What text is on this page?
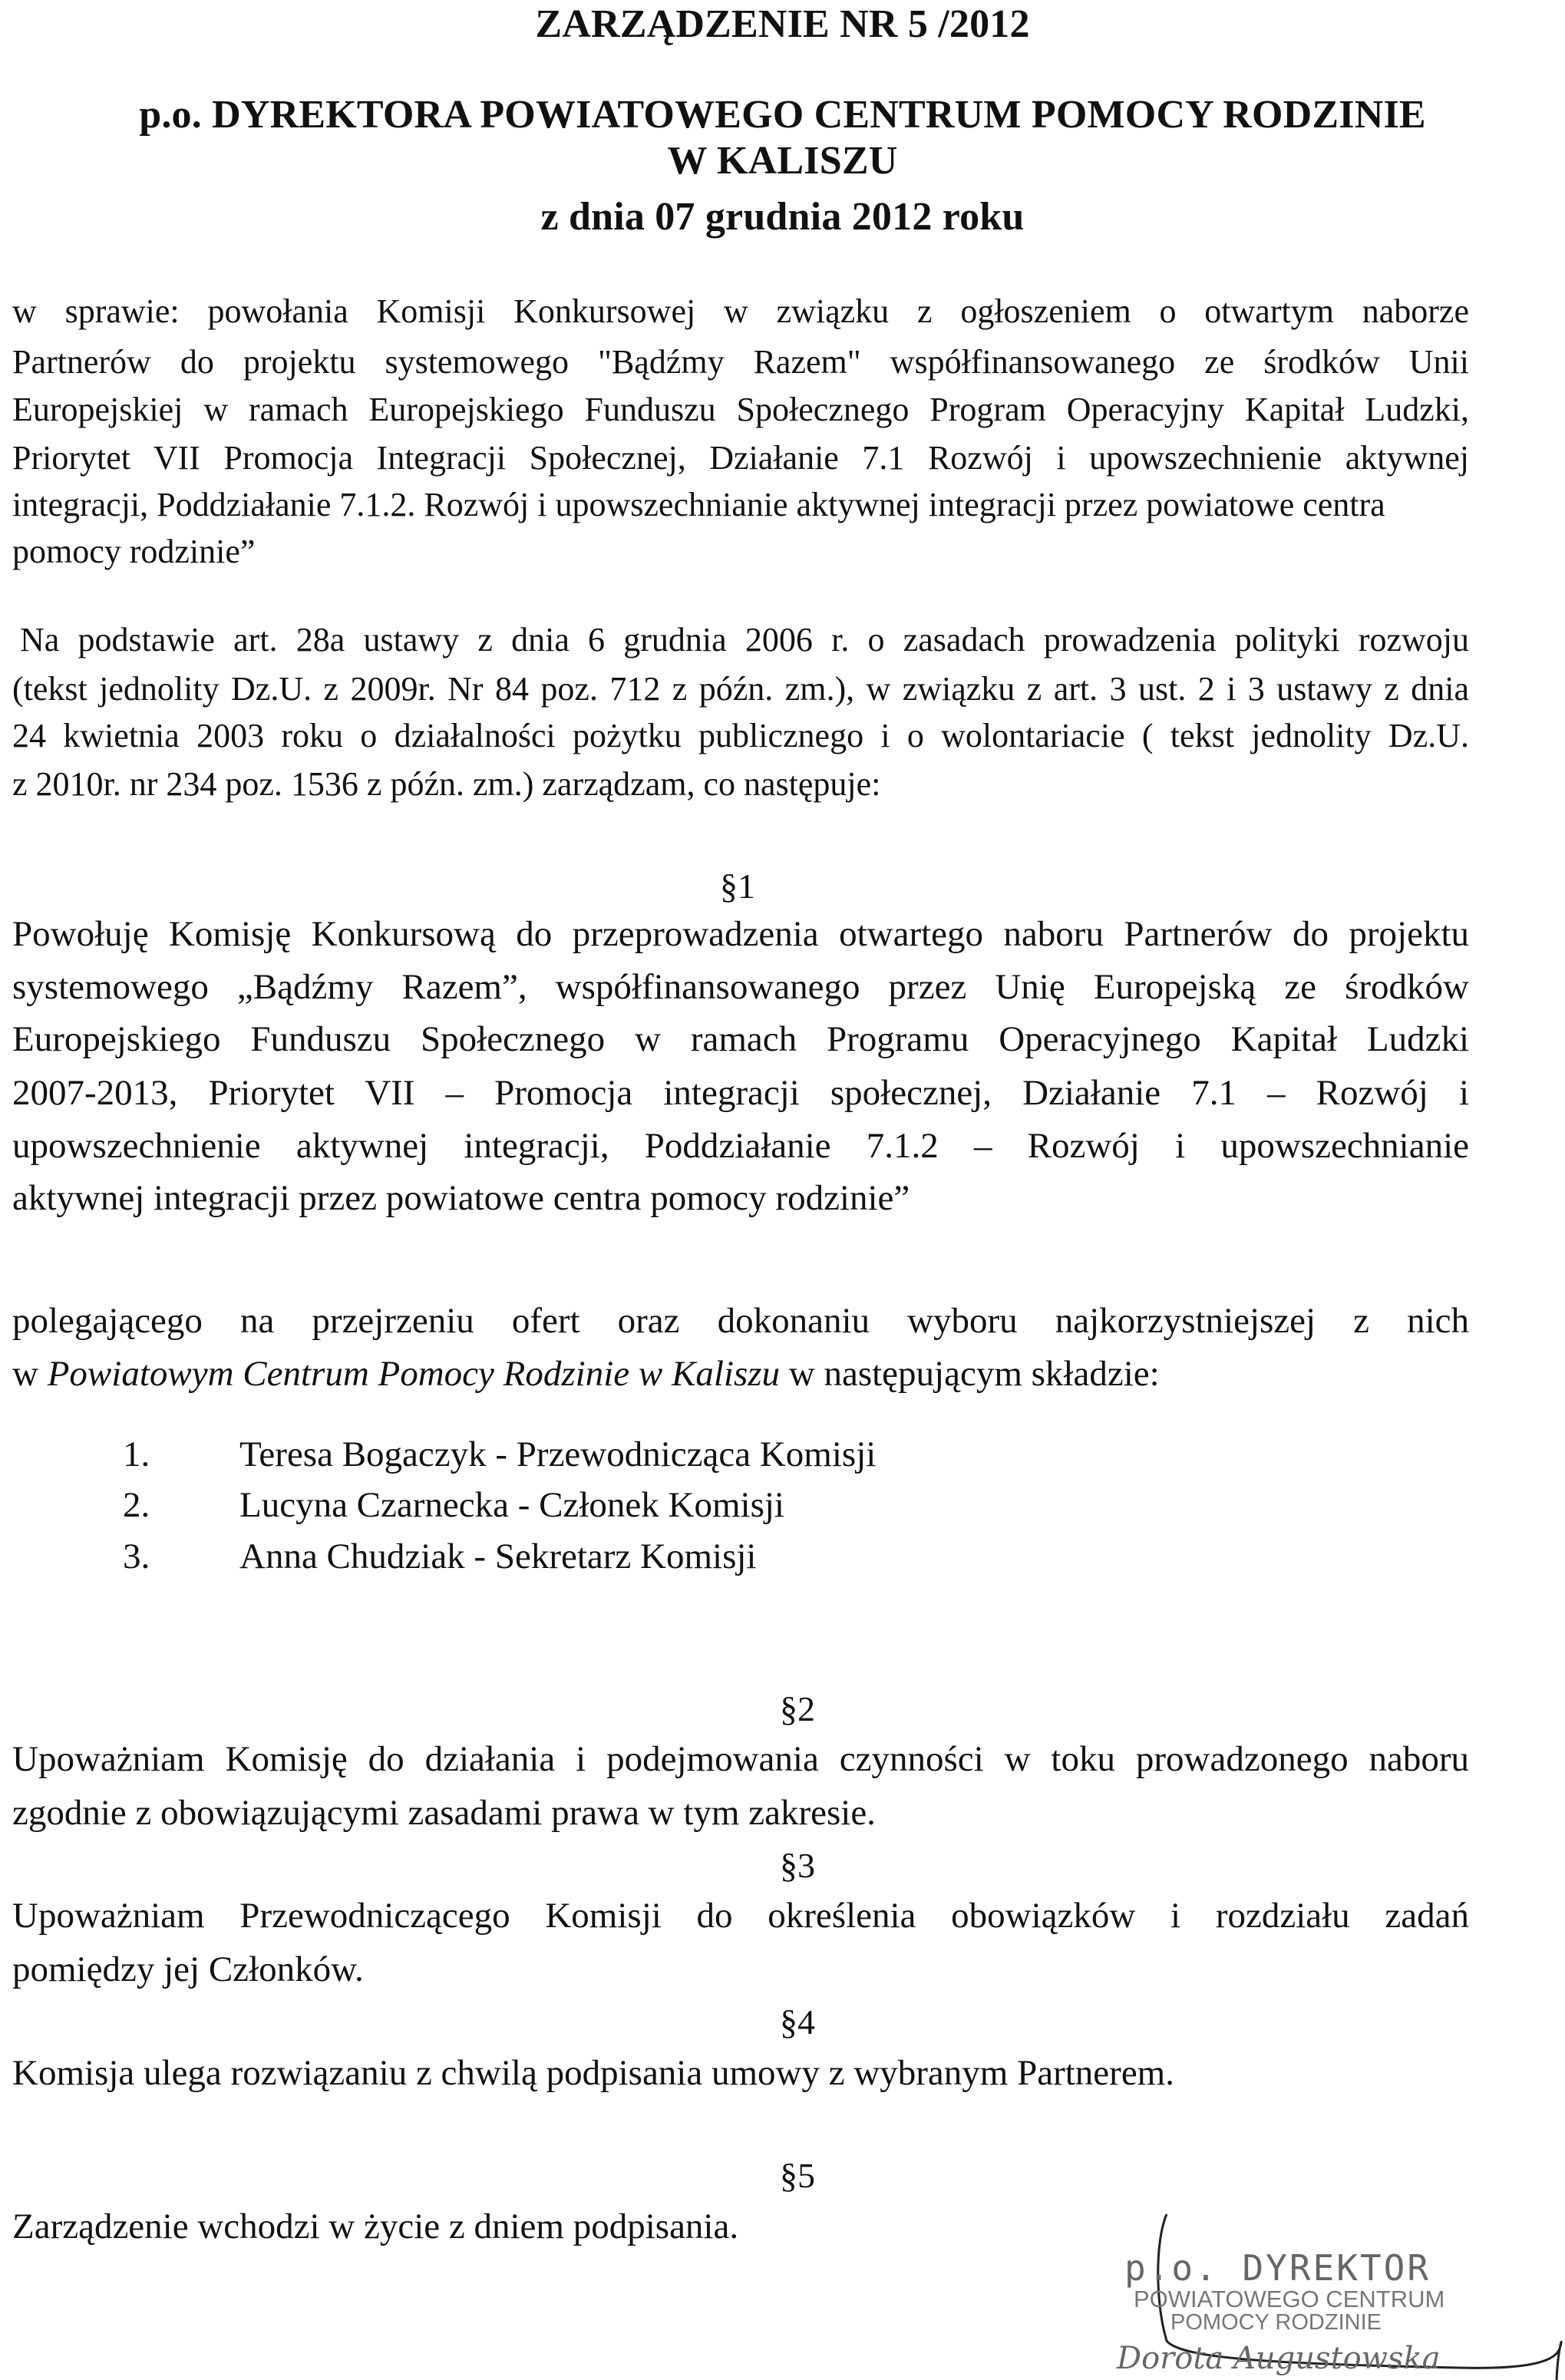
ZARZĄDZENIE NR 5 /2012
p.o. DYREKTORA POWIATOWEGO CENTRUM POMOCY RODZINIE
W KALISZU
z dnia 07 grudnia 2012 roku
w sprawie: powołania Komisji Konkursowej w związku z ogłoszeniem o otwartym naborze
Partnerów do projektu systemowego "Bądźmy Razem" współfinansowanego ze środków Unii
Europejskiej w ramach Europejskiego Funduszu Społecznego Program Operacyjny Kapitał Ludzki,
Priorytet VII Promocja Integracji Społecznej, Działanie 7.1 Rozwój i upowszechnienie aktywnej
integracji, Poddziałanie 7.1.2. Rozwój i upowszechnianie aktywnej integracji przez powiatowe centra
pomocy rodzinie”
Na podstawie art. 28a ustawy z dnia 6 grudnia 2006 r. o zasadach prowadzenia polityki rozwoju
(tekst jednolity Dz.U. z 2009r. Nr 84 poz. 712 z późn. zm.), w związku z art. 3 ust. 2 i 3 ustawy z dnia
24 kwietnia 2003 roku o działalności pożytku publicznego i o wolontariacie ( tekst jednolity Dz.U.
z 2010r. nr 234 poz. 1536 z późn. zm.) zarządzam, co następuje:
§1
Powołuję Komisję Konkursową do przeprowadzenia otwartego naboru Partnerów do projektu
systemowego „Bądźmy Razem”, współfinansowanego przez Unię Europejską ze środków
Europejskiego Funduszu Społecznego w ramach Programu Operacyjnego Kapitał Ludzki
2007-2013, Priorytet VII – Promocja integracji społecznej, Działanie 7.1 – Rozwój i
upowszechnienie aktywnej integracji, Poddziałanie 7.1.2 – Rozwój i upowszechnianie
aktywnej integracji przez powiatowe centra pomocy rodzinie”
polegającego na przejrzeniu ofert oraz dokonaniu wyboru najkorzystniejszej z nich
w Powiatowym Centrum Pomocy Rodzinie w Kaliszu w następującym składzie:
1. Teresa Bogaczyk - Przewodnicząca Komisji
2. Lucyna Czarnecka - Członek Komisji
3. Anna Chudziak - Sekretarz Komisji
§2
Upoważniam Komisję do działania i podejmowania czynności w toku prowadzonego naboru
zgodnie z obowiązującymi zasadami prawa w tym zakresie.
§3
Upoważniam Przewodniczącego Komisji do określenia obowiązków i rozdziału zadań
pomiędzy jej Członków.
§4
Komisja ulega rozwiązaniu z chwilą podpisania umowy z wybranym Partnerem.
§5
Zarządzenie wchodzi w życie z dniem podpisania.
p.o. DYREKTOR
POWIATOWEGO CENTRUM
POMOCY RODZINIE
Dorota Augustowska
